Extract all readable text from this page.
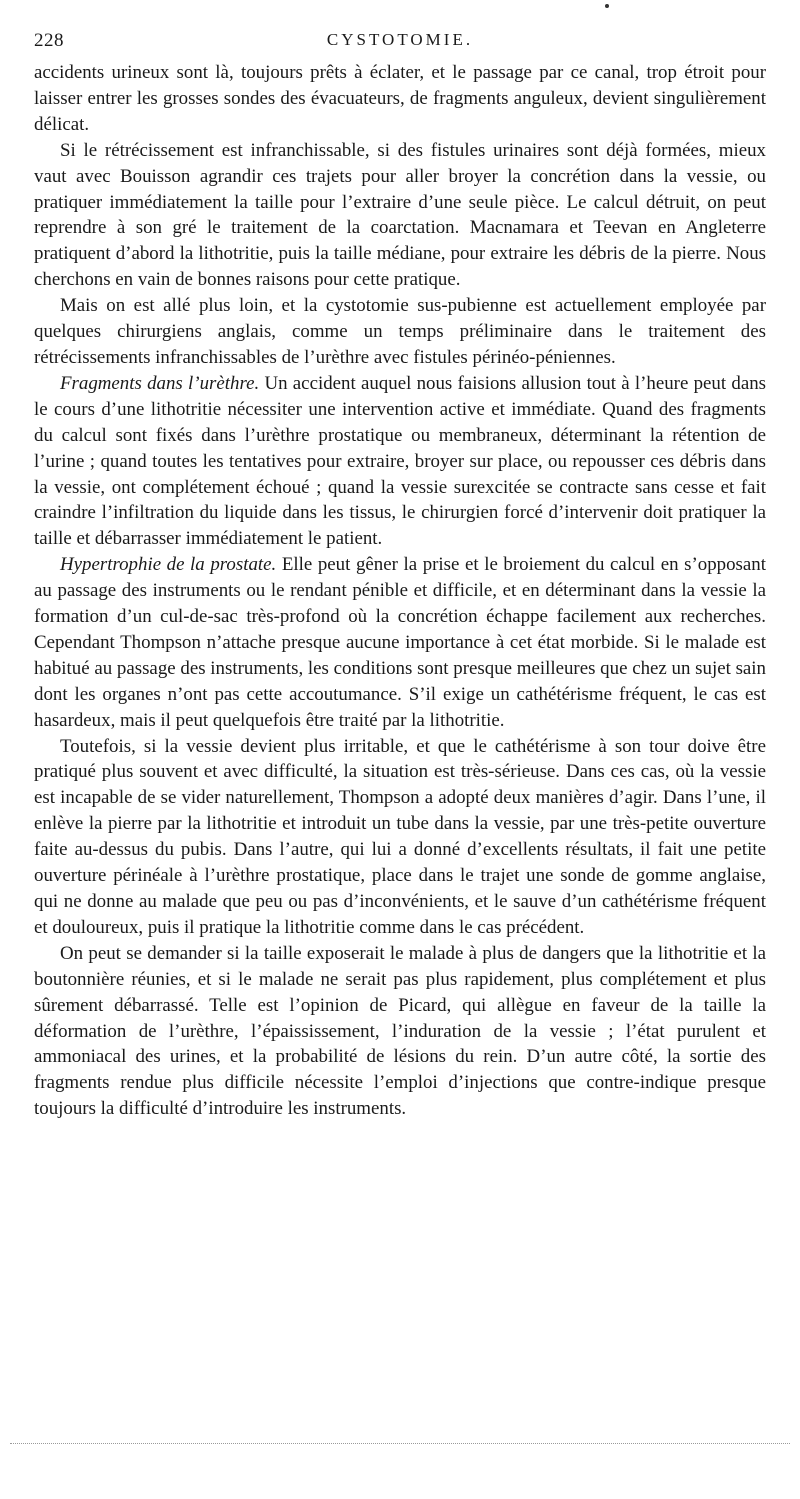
228	CYSTOTOMIE.

accidents urineux sont là, toujours prêts à éclater, et le passage par ce canal, trop étroit pour laisser entrer les grosses sondes des évacuateurs, de fragments anguleux, devient singulièrement délicat.

Si le rétrécissement est infranchissable, si des fistules urinaires sont déjà formées, mieux vaut avec Bouisson agrandir ces trajets pour aller broyer la concrétion dans la vessie, ou pratiquer immédiatement la taille pour l’extraire d’une seule pièce. Le calcul détruit, on peut reprendre à son gré le traitement de la coarctation. Macnamara et Teevan en Angleterre pratiquent d’abord la lithotritie, puis la taille médiane, pour extraire les débris de la pierre. Nous cherchons en vain de bonnes raisons pour cette pratique.

Mais on est allé plus loin, et la cystotomie sus-pubienne est actuellement employée par quelques chirurgiens anglais, comme un temps préliminaire dans le traitement des rétrécissements infranchissables de l’urèthre avec fistules périnéo-péniennes.

Fragments dans l’urèthre. Un accident auquel nous faisions allusion tout à l’heure peut dans le cours d’une lithotritie nécessiter une intervention active et immédiate. Quand des fragments du calcul sont fixés dans l’urèthre prostatique ou membraneux, déterminant la rétention de l’urine ; quand toutes les tentatives pour extraire, broyer sur place, ou repousser ces débris dans la vessie, ont complétement échoué ; quand la vessie surexcitée se contracte sans cesse et fait craindre l’infiltration du liquide dans les tissus, le chirurgien forcé d’intervenir doit pratiquer la taille et débarrasser immédiatement le patient.

Hypertrophie de la prostate. Elle peut gêner la prise et le broiement du calcul en s’opposant au passage des instruments ou le rendant pénible et difficile, et en déterminant dans la vessie la formation d’un cul-de-sac très-profond où la concrétion échappe facilement aux recherches. Cependant Thompson n’attache presque aucune importance à cet état morbide. Si le malade est habitué au passage des instruments, les conditions sont presque meilleures que chez un sujet sain dont les organes n’ont pas cette accoutumance. S’il exige un cathétérisme fréquent, le cas est hasardeux, mais il peut quelquefois être traité par la lithotritie.

Toutefois, si la vessie devient plus irritable, et que le cathétérisme à son tour doive être pratiqué plus souvent et avec difficulté, la situation est très-sérieuse. Dans ces cas, où la vessie est incapable de se vider naturellement, Thompson a adopté deux manières d’agir. Dans l’une, il enlève la pierre par la lithotritie et introduit un tube dans la vessie, par une très-petite ouverture faite au-dessus du pubis. Dans l’autre, qui lui a donné d’excellents résultats, il fait une petite ouverture périnéale à l’urèthre prostatique, place dans le trajet une sonde de gomme anglaise, qui ne donne au malade que peu ou pas d’inconvénients, et le sauve d’un cathétérisme fréquent et douloureux, puis il pratique la lithotritie comme dans le cas précédent.

On peut se demander si la taille exposerait le malade à plus de dangers que la lithotritie et la boutonnière réunies, et si le malade ne serait pas plus rapidement, plus complétement et plus sûrement débarrassé. Telle est l’opinion de Picard, qui allègue en faveur de la taille la déformation de l’urèthre, l’épaississement, l’induration de la vessie ; l’état purulent et ammoniacal des urines, et la probabilité de lésions du rein. D’un autre côté, la sortie des fragments rendue plus difficile nécessite l’emploi d’injections que contre-indique presque toujours la difficulté d’introduire les instruments.
